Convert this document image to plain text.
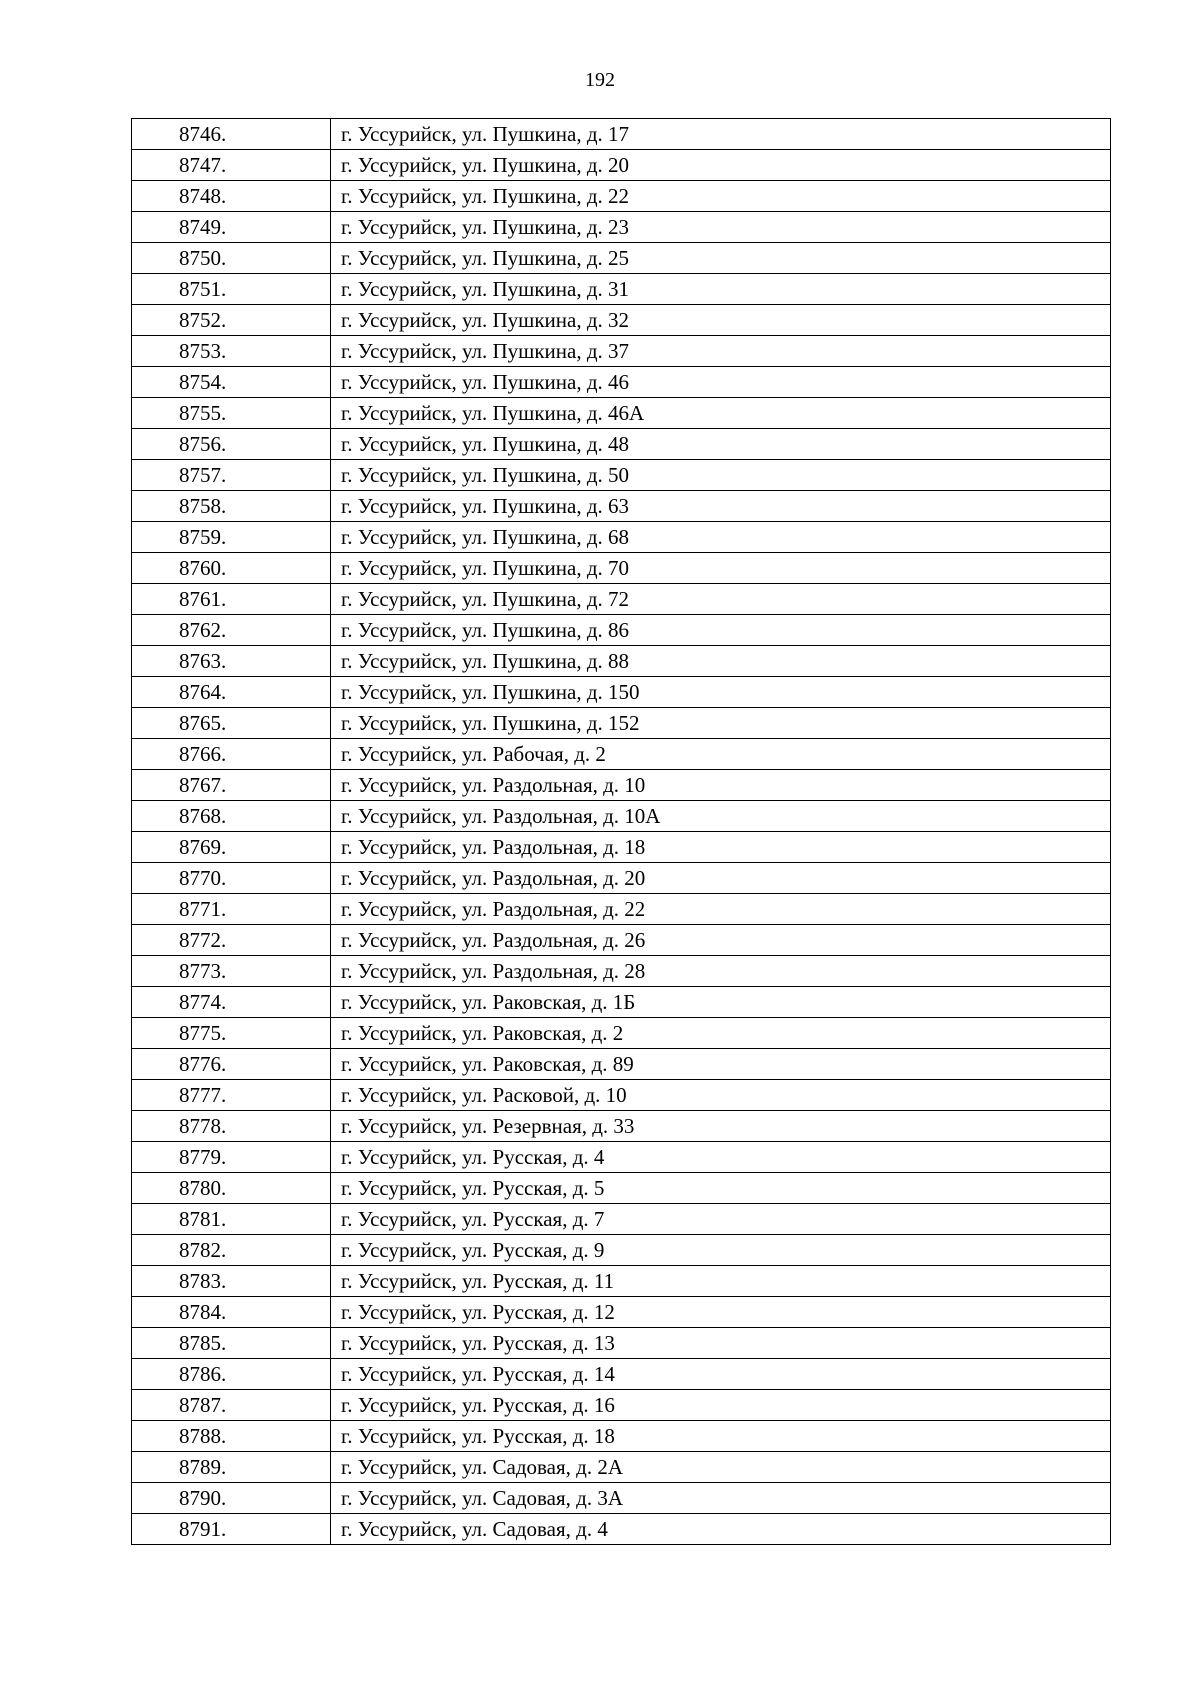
192
8746.	г. Уссурийск, ул. Пушкина, д. 17
8747.	г. Уссурийск, ул. Пушкина, д. 20
8748.	г. Уссурийск, ул. Пушкина, д. 22
8749.	г. Уссурийск, ул. Пушкина, д. 23
8750.	г. Уссурийск, ул. Пушкина, д. 25
8751.	г. Уссурийск, ул. Пушкина, д. 31
8752.	г. Уссурийск, ул. Пушкина, д. 32
8753.	г. Уссурийск, ул. Пушкина, д. 37
8754.	г. Уссурийск, ул. Пушкина, д. 46
8755.	г. Уссурийск, ул. Пушкина, д. 46А
8756.	г. Уссурийск, ул. Пушкина, д. 48
8757.	г. Уссурийск, ул. Пушкина, д. 50
8758.	г. Уссурийск, ул. Пушкина, д. 63
8759.	г. Уссурийск, ул. Пушкина, д. 68
8760.	г. Уссурийск, ул. Пушкина, д. 70
8761.	г. Уссурийск, ул. Пушкина, д. 72
8762.	г. Уссурийск, ул. Пушкина, д. 86
8763.	г. Уссурийск, ул. Пушкина, д. 88
8764.	г. Уссурийск, ул. Пушкина, д. 150
8765.	г. Уссурийск, ул. Пушкина, д. 152
8766.	г. Уссурийск, ул. Рабочая, д. 2
8767.	г. Уссурийск, ул. Раздольная, д. 10
8768.	г. Уссурийск, ул. Раздольная, д. 10А
8769.	г. Уссурийск, ул. Раздольная, д. 18
8770.	г. Уссурийск, ул. Раздольная, д. 20
8771.	г. Уссурийск, ул. Раздольная, д. 22
8772.	г. Уссурийск, ул. Раздольная, д. 26
8773.	г. Уссурийск, ул. Раздольная, д. 28
8774.	г. Уссурийск, ул. Раковская, д. 1Б
8775.	г. Уссурийск, ул. Раковская, д. 2
8776.	г. Уссурийск, ул. Раковская, д. 89
8777.	г. Уссурийск, ул. Расковой, д. 10
8778.	г. Уссурийск, ул. Резервная, д. 33
8779.	г. Уссурийск, ул. Русская, д. 4
8780.	г. Уссурийск, ул. Русская, д. 5
8781.	г. Уссурийск, ул. Русская, д. 7
8782.	г. Уссурийск, ул. Русская, д. 9
8783.	г. Уссурийск, ул. Русская, д. 11
8784.	г. Уссурийск, ул. Русская, д. 12
8785.	г. Уссурийск, ул. Русская, д. 13
8786.	г. Уссурийск, ул. Русская, д. 14
8787.	г. Уссурийск, ул. Русская, д. 16
8788.	г. Уссурийск, ул. Русская, д. 18
8789.	г. Уссурийск, ул. Садовая, д. 2А
8790.	г. Уссурийск, ул. Садовая, д. 3А
8791.	г. Уссурийск, ул. Садовая, д. 4
